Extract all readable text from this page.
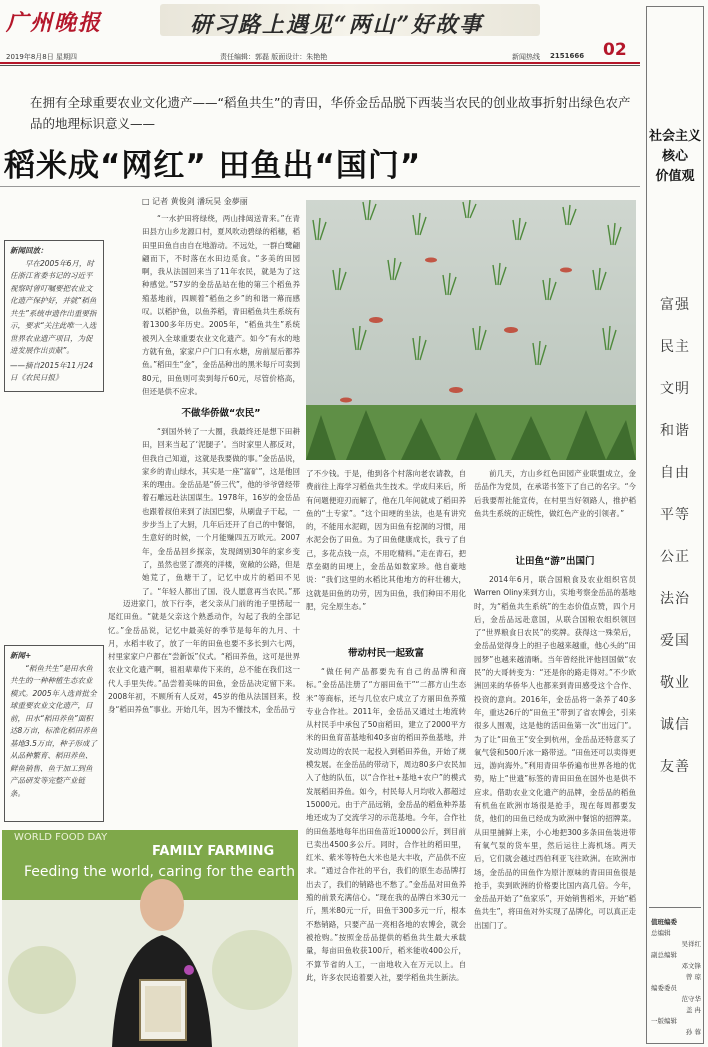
广州晚报	研习路上遇见“两山”好故事
2019年8月8日 星期四	责任编辑：郭磊 版面设计：朱艳艳	新闻热线 2151666 02
在拥有全球重要农业文化遗产——“稻鱼共生”的青田，华侨金岳品脱下西装当农民的创业故事折射出绿色农产品的地理标识意义——
稻米成“网红” 田鱼出“国门”
□ 记者 黄俊剑 潘玩昊 金夢丽
新闻回放：
早在2005年6月，时任浙江省委书记的习近平视察时曾叮嘱要把农业文化遗产保护好，并就“稻鱼共生”系统申遗作出重要指示，要求“关注此唯一入选世界农业遗产项目，为促进发展作出贡献”。
——摘自2015年11月24日《农民日报》
新闻+
“稻鱼共生”是田水鱼共生的一种种植生态农业模式。2005年入选首批全球重要农业文化遗产，目前，田水“稻田养鱼”面积达8万亩，标准化稻田养鱼基地3.5万亩，种子形成了从品种繁育、稻田养鱼、鲜鱼销售、鱼干加工到鱼产品研发等完整产业链条。
“一水护田将绿绕，两山排闼送青来。”在青田县方山乡龙源口村，夏风吹动碧绿的稻穗，稻田里田鱼自由自在地游动。不远处，一群白鹭翩翩而下，不时落在水田边觅食。“多美的田园啊，我从法国回来当了11年农民，就是为了这种感觉。”57岁的金岳品站在他的第三个稻鱼养殖基地前，四顾着“稻鱼之乡”的和谐一幕而感叹。以稻护鱼，以鱼养稻，青田稻鱼共生系统有着1300多年历史。2005年，“稻鱼共生”系统被列入全球重要农业文化遗产。如今“有水的地方就有鱼，家家户户门口有水塘，房前屋后都养鱼。”稻田生“金”，金岳品种出的黑米每斤可卖到80元，田鱼则可卖到每斤60元，尽管价格高，但还是供不应求。
不做华侨做“农民”
“到国外转了一大圈，我最终还是想下田耕田，回来当起了‘泥腿子’。当时家里人都反对，但我自己知道，这就是我要做的事。”金岳品说，家乡的青山绿水，其实是一座“富矿”，这是他回来的理由。金岳品是“侨三代”，他的爷爷曾经带着石雕远赴法国谋生。1978年，16岁的金岳品也跟着叔伯来到了法国巴黎，从刷盘子干起，一步步当上了大厨，几年后还开了自己的中餐馆，生意好的时候，一个月能赚四五万欧元。2007年，金岳品回乡探亲，发现阔别30年的家乡变了，虽然也竖了漂亮的洋楼，宽敞的公路，但是她荒了，鱼塘干了，记忆中成片的稻田不见了。“年轻人都出了国，没人愿意再当农民。”那
迈进家门，放下行李，老父亲从门前的池子里捞起一尾红田鱼。“就是父亲这个熟悉动作，勾起了我的全部记忆。”金岳品说，记忆中最美好的季节是每年的九月、十月，水稻丰收了，放了一年的田鱼也要不多长到六七两，村里家家户户都在“尝新饭”仪式。“稻田养鱼，这可是世界农业文化遗产啊，祖祖辈辈传下来的，总不能在我们这一代人手里失传。”品尝着美味的田鱼，金岳品决定留下来。2008年初，不顾所有人反对，45岁的他从法国回来，投身“稻田养鱼”事业。开始几年，因为不懂技术，金岳品亏
了不少钱。于是，他到各个村落向老农请教，自费前往上海学习稻鱼共生技术。学成归来后，所有问题便迎刃而解了，他在几年间就成了稻田养鱼的“土专家”。“这个田埂的坐法，也是有讲究的，不能用水泥砌，因为田鱼有挖洞的习惯，用水泥会伤了田鱼。为了田鱼健康成长，我亏了自己，多花点钱一点，不用吃精料。”走在青石，把草垒砌的田埂上，金岳品如数家珍。他自豪地说：“我们这里的水稻比其他地方的秆壮穗大，这就是田鱼的功劳，因为田鱼，我们种田不用化肥，完全原生态。”
带动村民一起致富
“做任何产品都要先有自己的品牌和商标。”金岳品注册了“方丽田鱼干”“二都方山生态米”等商标，还与几位农户成立了方丽田鱼养殖专业合作社。2011年，金岳品又通过土地流转从村民手中承包了50亩稻田，建立了2000平方米的田鱼育苗基地和40多亩的稻田养鱼基地，并发动周边的农民一起投入到稻田养鱼，开始了规模发展。在金岳品的带动下，周边80多户农民加入了他的队伍，以“合作社+基地+农户”的模式发展稻田养鱼。如今，村民每人月均收入都超过15000元。由于产品远销，金岳品的稻鱼种养基地还成为了交流学习的示范基地。今年，合作社的田鱼基地每年出田鱼苗近10000公斤，到目前已卖出4500多公斤。同时，合作社的稻田里，红米、紫米等特色大米也是大丰收，产品供不应求。“通过合作社的平台，我们的原生态品牌打出去了，我们的销路也不愁了。”金岳品对田鱼养殖的前景充满信心。“现在我的品牌白米30元一斤，黑米80元一斤，田鱼干300多元一斤，根本不愁销路，只要产品一亮相各地的农博会，就会被抢购。”按照金岳品提供的稻鱼共生最大承载量，每亩田鱼收获100斤，稻米能收400公斤，不算节省的人工，一亩地收入在万元以上。自此，许多农民追着要入社，要学稻鱼共生新法。
前几天，方山乡红色田园产业联盟成立，金岳品作为党员，在承诺书签下了自己的名字。“今后我要帮社能宣传，在村里当好领路人，推护稻鱼共生系统的正统性，做红色产业的引领者。”
让田鱼“游”出国门
2014年6月，联合国粮食及农业组织官员Warren Oliny来到方山，实地考察金岳品的基地时，为“稻鱼共生系统”的生态价值点赞，四个月后，金岳品远赴意国，从联合国粮农组织领回了“世界粮食日农民”的奖牌。获得这一殊荣后，金岳品觉得身上的担子也越来越重，他心头的“田园梦”也越来越清晰。当年曾经批评他回国做“农民”的大哥转变为：“还是你的路走得对。”不少欧洲回来的华侨华人也都来到青田感受这个合作、投资的意向。2016年，金岳品将一条养了40多年，重达26斤的“田鱼王”带到了省农博会，引来很多人围观，这是他的活田鱼第一次“出远门”。为了让“田鱼王”安全到杭州，金岳品还特意买了氧气袋和500斤冰一路带送。“田鱼还可以卖得更远，游向海外。”利用青田华侨遍布世界各地的优势，贴上“世遗”标签的青田田鱼在国外也是供不应求。借助农业文化遗产的品牌，金岳品的稻鱼有机鱼在欧洲市场很是抢手，现在每周都要发货，他们的田鱼已经成为欧洲中餐馆的招牌菜。从田里捕鲜上来，小心地把300多条田鱼装进带有氧气泵的货车里，然后运往上海机场。两天后，它们就会越过西伯利亚飞往欧洲。在欧洲市场，金岳品的田鱼作为原汁原味的青田田鱼很是抢手，卖到欧洲的价格要比国内高几倍。今年，金岳品开始了“鱼家乐”，开始销售稻米，开始“稻鱼共生”，将田鱼对外实现了品牌化，可以真正走出国门了。
WORLD FOOD DAY
FAMILY FARMING
Feeding the world, caring for the earth
社会主义
核心
价值观
富强
民主
文明
和谐
自由
平等
公正
法治
爱国
敬业
诚信
友善
值班编委
总编辑
吴祥红
副总编辑
邓文锋
曾 琼
编委委员
范守华
盖 冉
一版编辑
孙 蓉
